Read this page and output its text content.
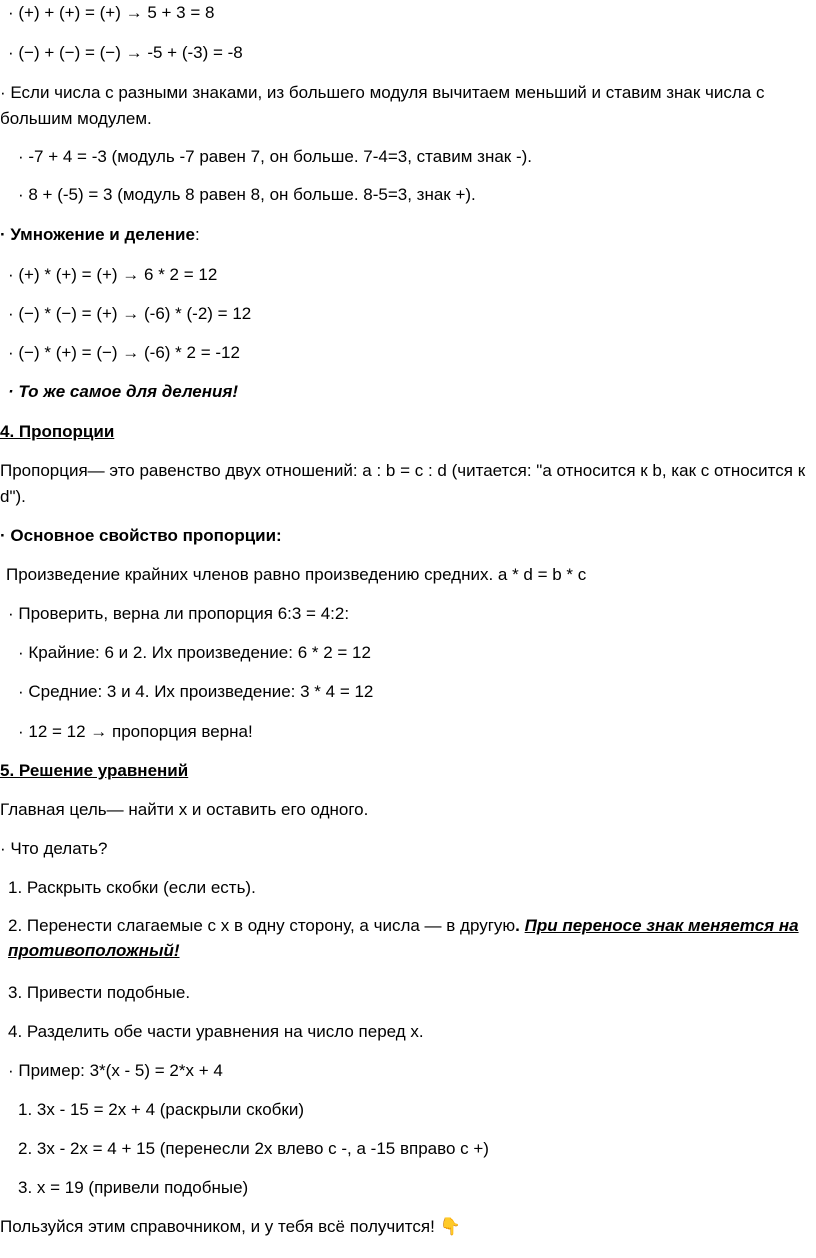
· (+) + (+) = (+) → 5 + 3 = 8
· (−) + (−) = (−) → -5 + (-3) = -8
· Если числа с разными знаками, из большего модуля вычитаем меньший и ставим знак числа с большим модулем.
· -7 + 4 = -3 (модуль -7 равен 7, он больше. 7-4=3, ставим знак -).
· 8 + (-5) = 3 (модуль 8 равен 8, он больше. 8-5=3, знак +).
· Умножение и деление:
· (+) * (+) = (+) → 6 * 2 = 12
· (−) * (−) = (+) → (-6) * (-2) = 12
· (−) * (+) = (−) → (-6) * 2 = -12
· То же самое для деления!
4. Пропорции
Пропорция— это равенство двух отношений: a : b = c : d (читается: "a относится к b, как c относится к d").
· Основное свойство пропорции:
Произведение крайних членов равно произведению средних. a * d = b * c
· Проверить, верна ли пропорция 6:3 = 4:2:
· Крайние: 6 и 2. Их произведение: 6 * 2 = 12
· Средние: 3 и 4. Их произведение: 3 * 4 = 12
· 12 = 12 → пропорция верна!
5. Решение уравнений
Главная цель— найти x и оставить его одного.
· Что делать?
1. Раскрыть скобки (если есть).
2. Перенести слагаемые с x в одну сторону, а числа — в другую. При переносе знак меняется на противоположный!
3. Привести подобные.
4. Разделить обе части уравнения на число перед x.
· Пример: 3*(x - 5) = 2*x + 4
1. 3x - 15 = 2x + 4 (раскрыли скобки)
2. 3x - 2x = 4 + 15 (перенесли 2x влево с -, а -15 вправо с +)
3. x = 19 (привели подобные)
Пользуйся этим справочником, и у тебя всё получится! 👇
